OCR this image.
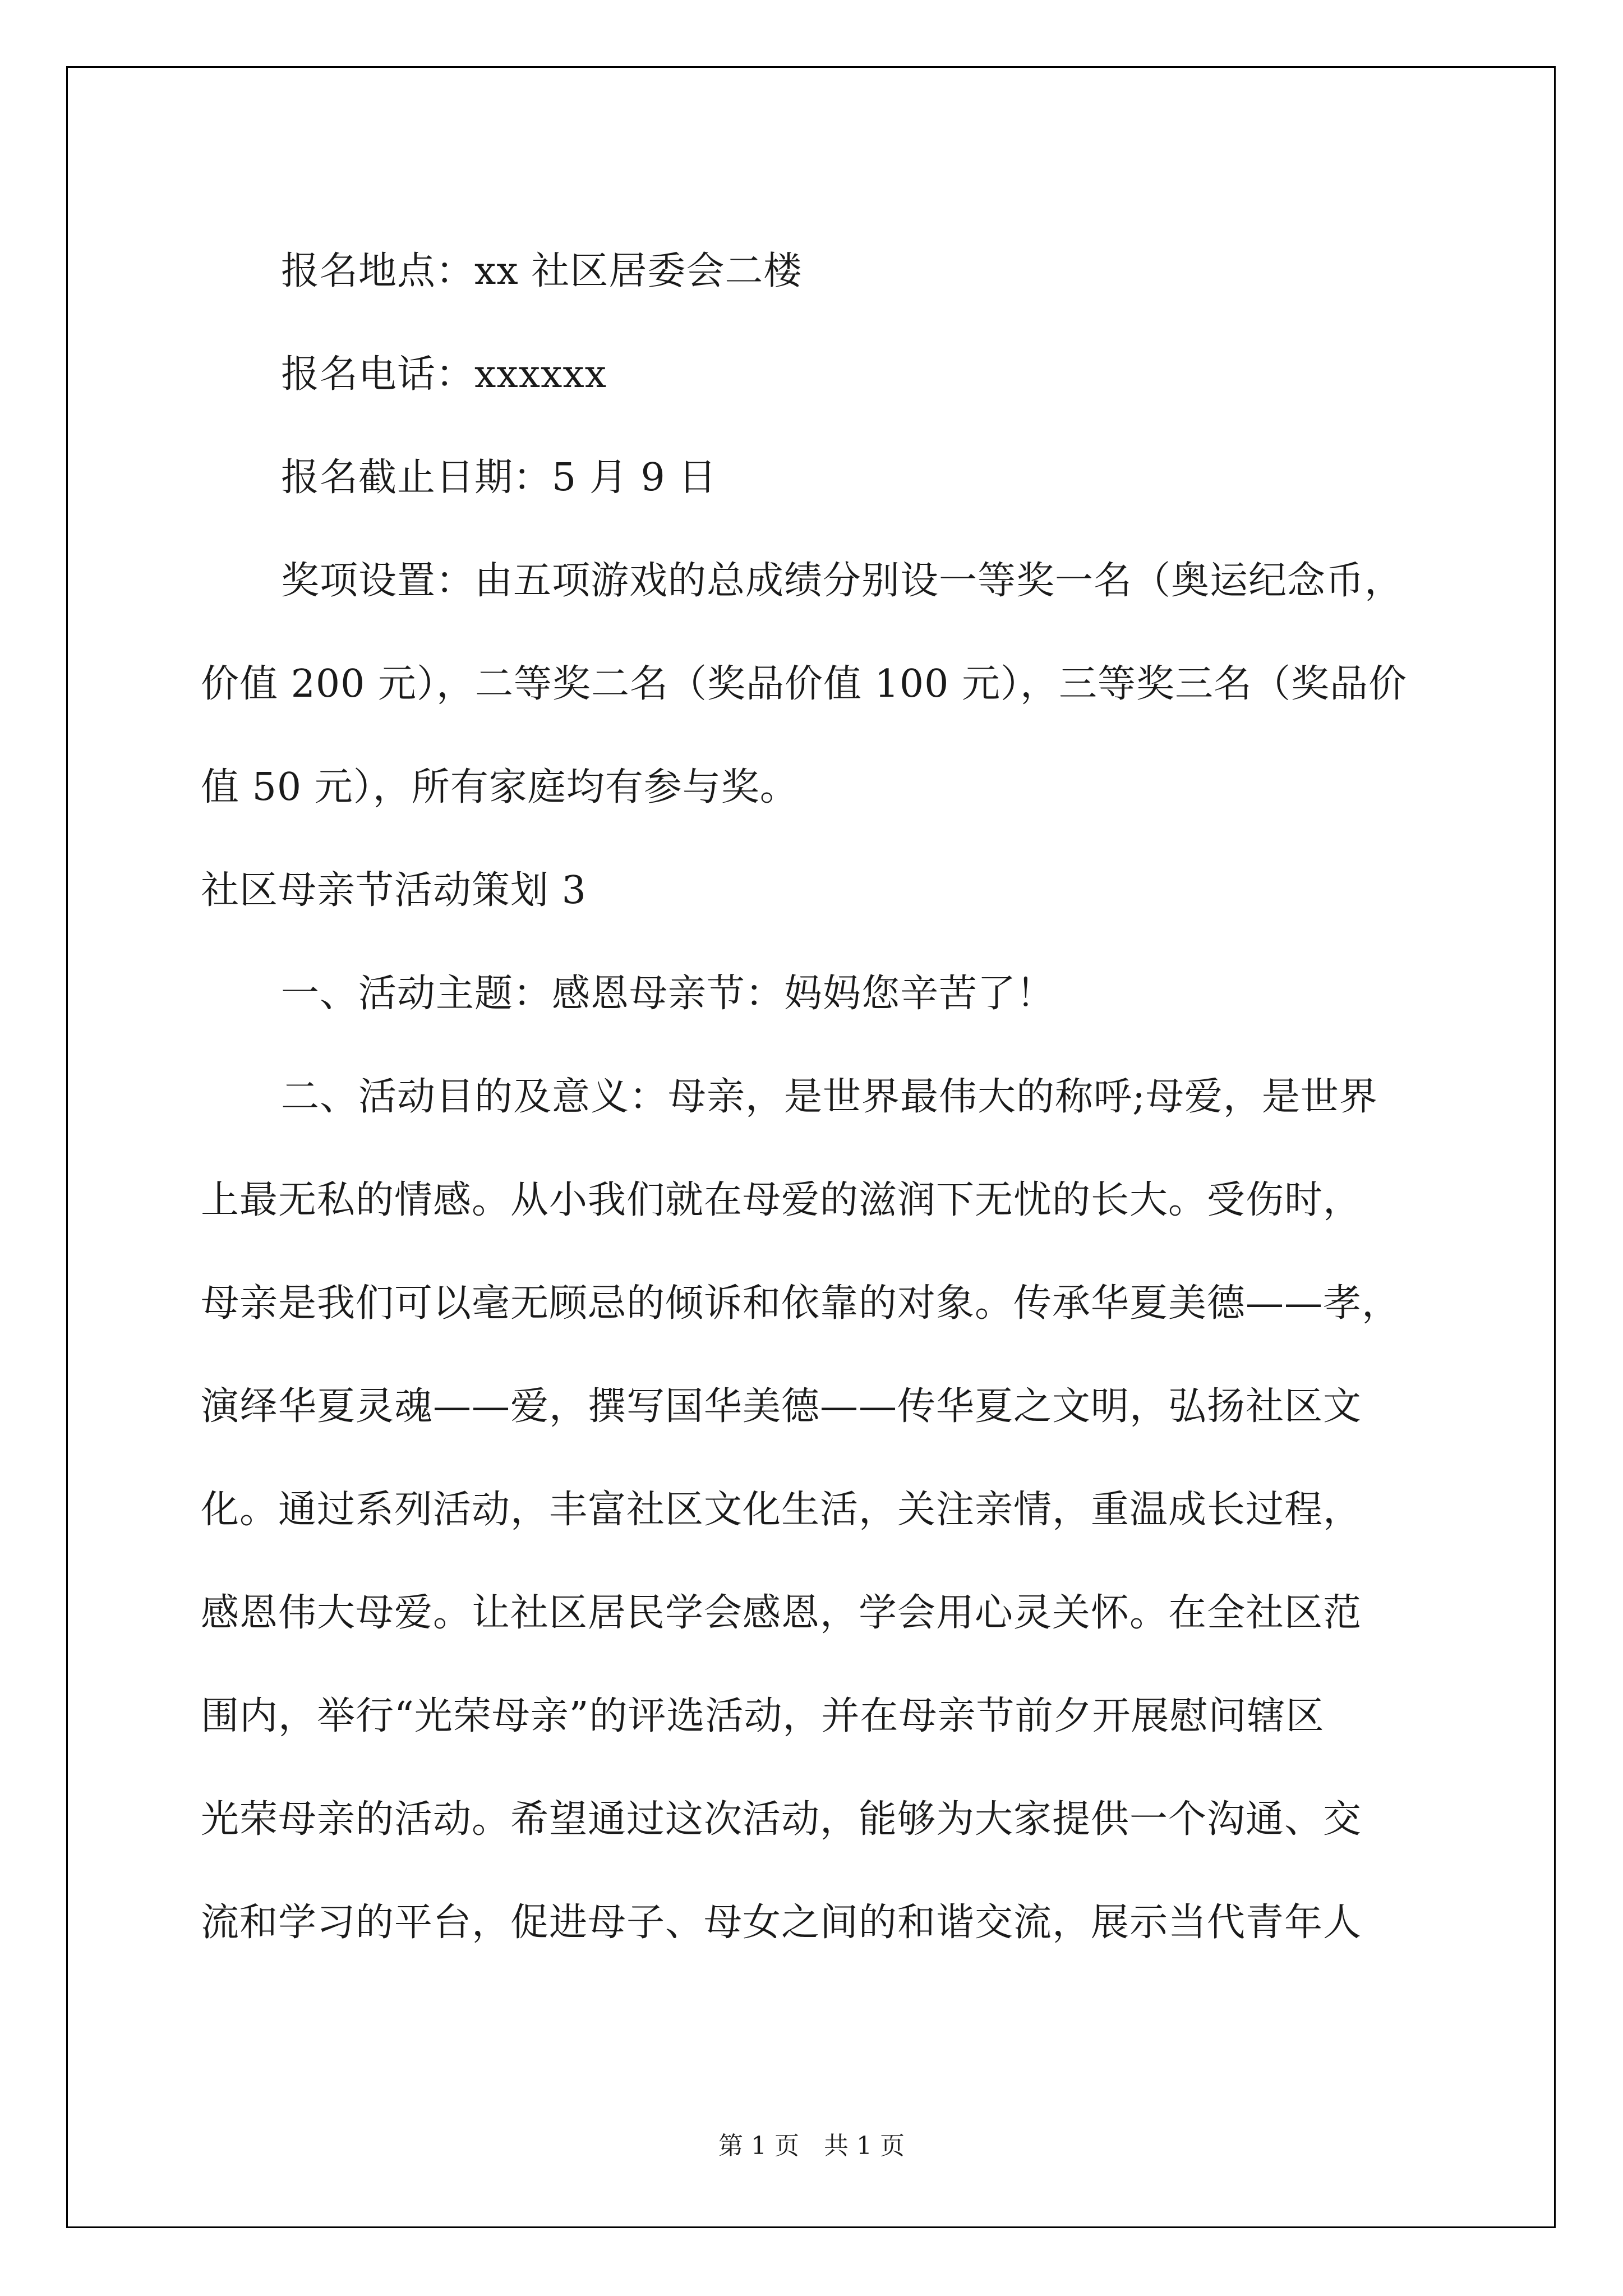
报名地点：xx 社区居委会二楼

报名电话：xxxxxx

报名截止日期：5 月 9 日

奖项设置：由五项游戏的总成绩分别设一等奖一名（奥运纪念币，

价值 200 元），二等奖二名（奖品价值 100 元），三等奖三名（奖品价

值 50 元），所有家庭均有参与奖。

社区母亲节活动策划 3

一、活动主题：感恩母亲节：妈妈您辛苦了！

二、活动目的及意义：母亲，是世界最伟大的称呼;母爱，是世界

上最无私的情感。从小我们就在母爱的滋润下无忧的长大。受伤时，

母亲是我们可以毫无顾忌的倾诉和依靠的对象。传承华夏美德——孝，

演绎华夏灵魂——爱，撰写国华美德——传华夏之文明，弘扬社区文

化。通过系列活动，丰富社区文化生活，关注亲情，重温成长过程，

感恩伟大母爱。让社区居民学会感恩，学会用心灵关怀。在全社区范

围内，举行“光荣母亲”的评选活动，并在母亲节前夕开展慰问辖区

光荣母亲的活动。希望通过这次活动，能够为大家提供一个沟通、交

流和学习的平台，促进母子、母女之间的和谐交流，展示当代青年人

第 1 页　共 1 页
